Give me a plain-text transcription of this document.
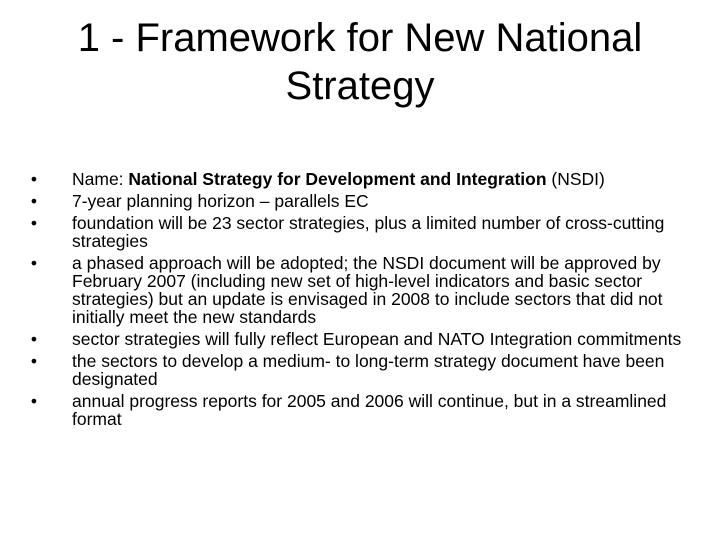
1 - Framework for New National
Strategy
•	Name: National Strategy for Development and Integration (NSDI)
•	7-year planning horizon – parallels EC
•	foundation will be 23 sector strategies, plus a limited number of cross-cutting strategies
•	a phased approach will be adopted; the NSDI document will be approved by February 2007 (including new set of high-level indicators and basic sector strategies) but an update is envisaged in 2008 to include sectors that did not initially meet the new standards
•	sector strategies will fully reflect European and NATO Integration commitments
•	the sectors to develop a medium- to long-term strategy document have been designated
•	annual progress reports for 2005 and 2006 will continue, but in a streamlined format
